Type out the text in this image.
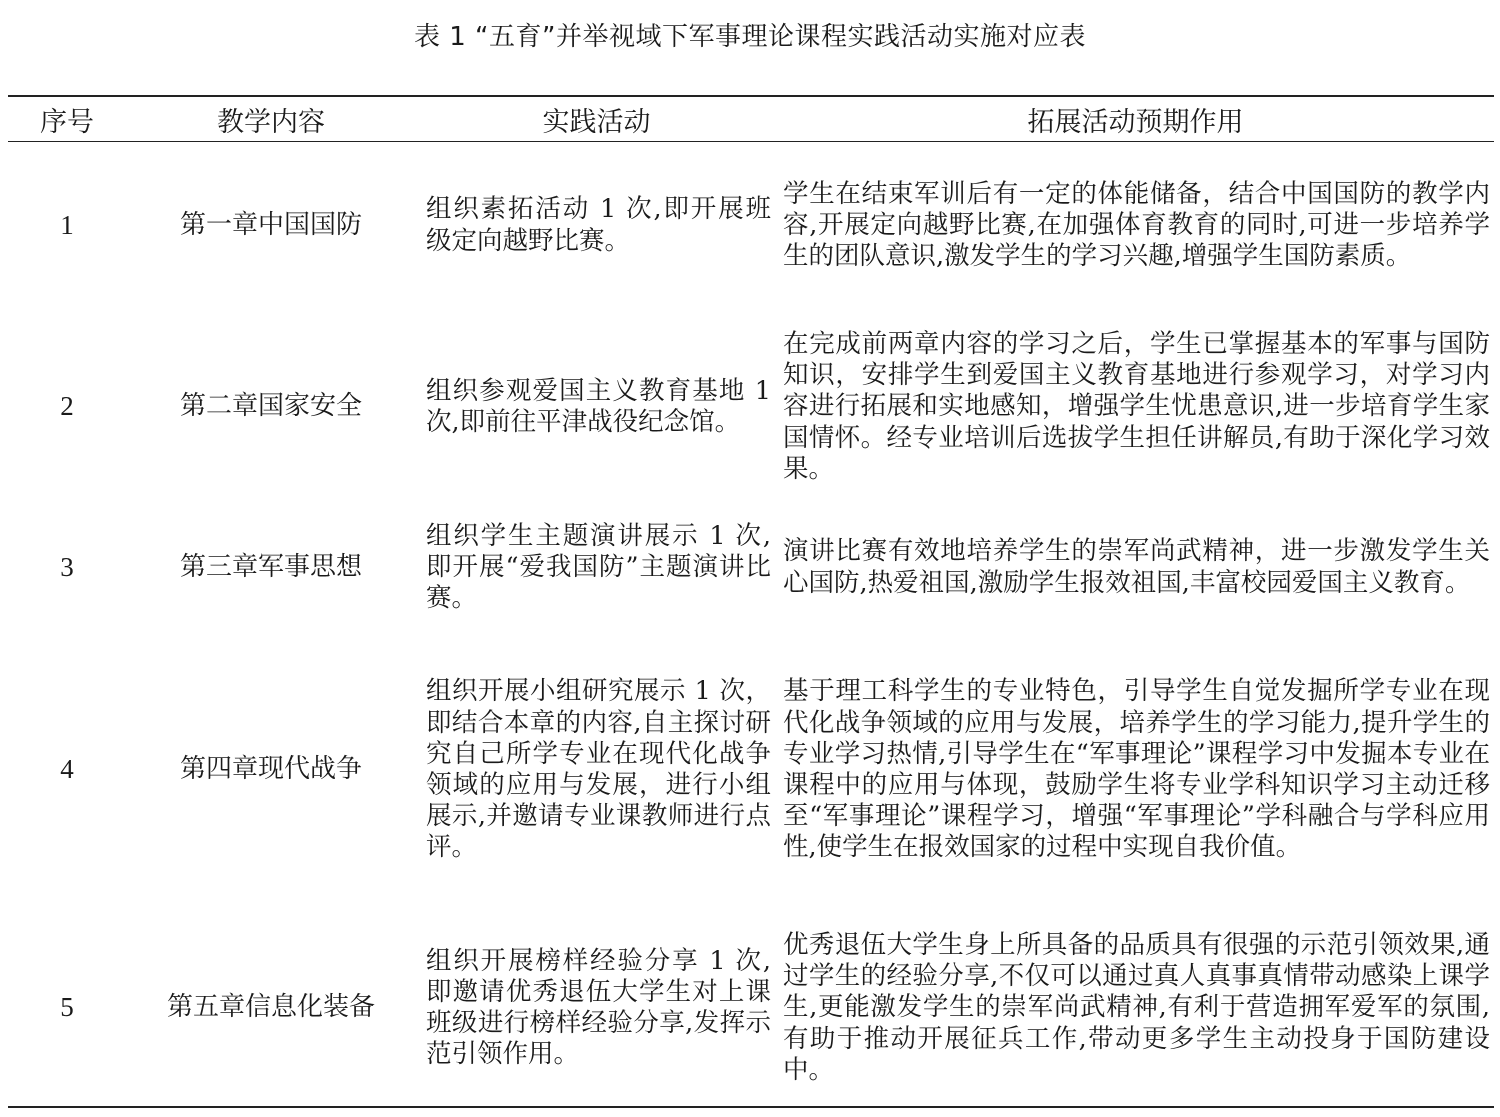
表 1 “五育”并举视域下军事理论课程实践活动实施对应表
序号	教学内容	实践活动	拓展活动预期作用
1	第一章中国国防	组织素拓活动 1 次,即开展班级定向越野比赛。	学生在结束军训后有一定的体能储备，结合中国国防的教学内容,开展定向越野比赛,在加强体育教育的同时,可进一步培养学生的团队意识,激发学生的学习兴趣,增强学生国防素质。
2	第二章国家安全	组织参观爱国主义教育基地 1 次,即前往平津战役纪念馆。	在完成前两章内容的学习之后，学生已掌握基本的军事与国防知识，安排学生到爱国主义教育基地进行参观学习，对学习内容进行拓展和实地感知，增强学生忧患意识,进一步培育学生家国情怀。经专业培训后选拔学生担任讲解员,有助于深化学习效果。
3	第三章军事思想	组织学生主题演讲展示 1 次,即开展“爱我国防”主题演讲比赛。	演讲比赛有效地培养学生的崇军尚武精神，进一步激发学生关心国防,热爱祖国,激励学生报效祖国,丰富校园爱国主义教育。
4	第四章现代战争	组织开展小组研究展示 1 次，即结合本章的内容,自主探讨研究自己所学专业在现代化战争领域的应用与发展，进行小组展示,并邀请专业课教师进行点评。	基于理工科学生的专业特色，引导学生自觉发掘所学专业在现代化战争领域的应用与发展，培养学生的学习能力,提升学生的专业学习热情,引导学生在“军事理论”课程学习中发掘本专业在课程中的应用与体现，鼓励学生将专业学科知识学习主动迁移至“军事理论”课程学习，增强“军事理论”学科融合与学科应用性,使学生在报效国家的过程中实现自我价值。
5	第五章信息化装备	组织开展榜样经验分享 1 次,即邀请优秀退伍大学生对上课班级进行榜样经验分享,发挥示范引领作用。	优秀退伍大学生身上所具备的品质具有很强的示范引领效果,通过学生的经验分享,不仅可以通过真人真事真情带动感染上课学生,更能激发学生的崇军尚武精神,有利于营造拥军爱军的氛围,有助于推动开展征兵工作,带动更多学生主动投身于国防建设中。
